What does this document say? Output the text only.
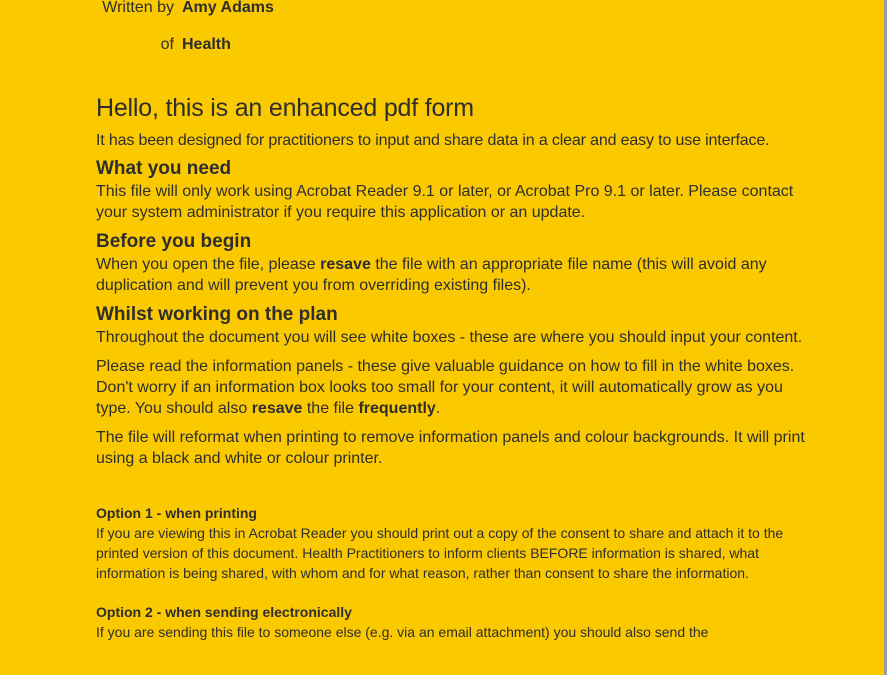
Written by Amy Adams
of Health
Hello, this is an enhanced pdf form

It has been designed for practitioners to input and share data in a clear and easy to use interface.

What you need

This file will only work using Acrobat Reader 9.1 or later, or Acrobat Pro 9.1 or later. Please contact your system administrator if you require this application or an update.

Before you begin

When you open the file, please resave the file with an appropriate file name (this will avoid any duplication and will prevent you from overriding existing files).

Whilst working on the plan

Throughout the document you will see white boxes - these are where you should input your content.

Please read the information panels - these give valuable guidance on how to fill in the white boxes. Don't worry if an information box looks too small for your content, it will automatically grow as you type. You should also resave the file frequently.

The file will reformat when printing to remove information panels and colour backgrounds. It will print using a black and white or colour printer.

Option 1 - when printing

If you are viewing this in Acrobat Reader you should print out a copy of the consent to share and attach it to the printed version of this document. Health Practitioners to inform clients BEFORE information is shared, what information is being shared, with whom and for what reason, rather than consent to share the information.

Option 2 - when sending electronically

If you are sending this file to someone else (e.g. via an email attachment) you should also send the
